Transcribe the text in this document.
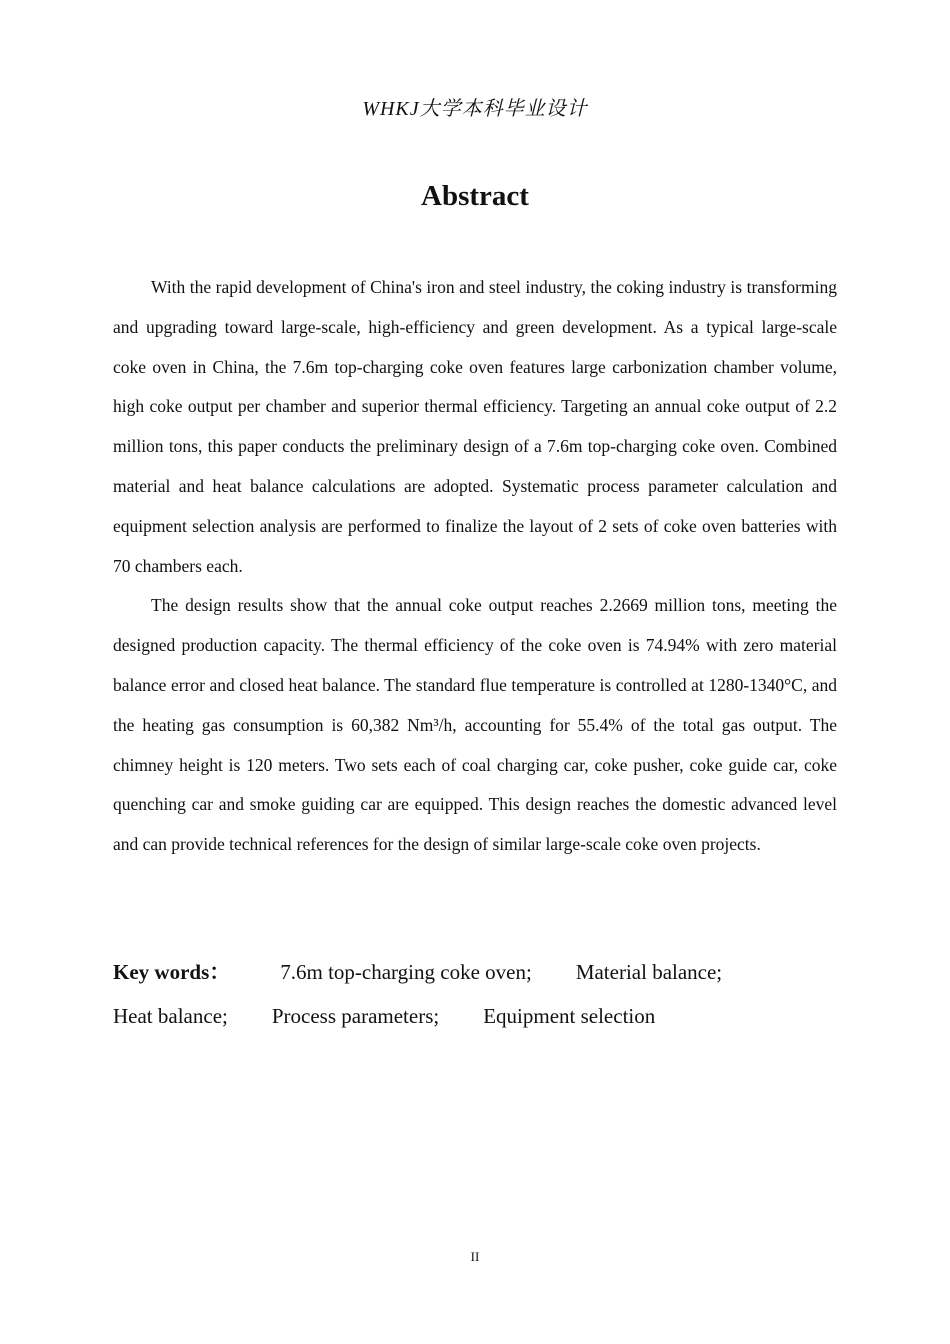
WHKJ大学本科毕业设计
Abstract

With the rapid development of China's iron and steel industry, the coking industry is transforming and upgrading toward large-scale, high-efficiency and green development. As a typical large-scale coke oven in China, the 7.6m top-charging coke oven features large carbonization chamber volume, high coke output per chamber and superior thermal efficiency. Targeting an annual coke output of 2.2 million tons, this paper conducts the preliminary design of a 7.6m top-charging coke oven. Combined material and heat balance calculations are adopted. Systematic process parameter calculation and equipment selection analysis are performed to finalize the layout of 2 sets of coke oven batteries with 70 chambers each.

The design results show that the annual coke output reaches 2.2669 million tons, meeting the designed production capacity. The thermal efficiency of the coke oven is 74.94% with zero material balance error and closed heat balance. The standard flue temperature is controlled at 1280-1340°C, and the heating gas consumption is 60,382 Nm³/h, accounting for 55.4% of the total gas output. The chimney height is 120 meters. Two sets each of coal charging car, coke pusher, coke guide car, coke quenching car and smoke guiding car are equipped. This design reaches the domestic advanced level and can provide technical references for the design of similar large-scale coke oven projects.

Key words： 7.6m top-charging coke oven; Material balance;
Heat balance; Process parameters; Equipment selection
II
